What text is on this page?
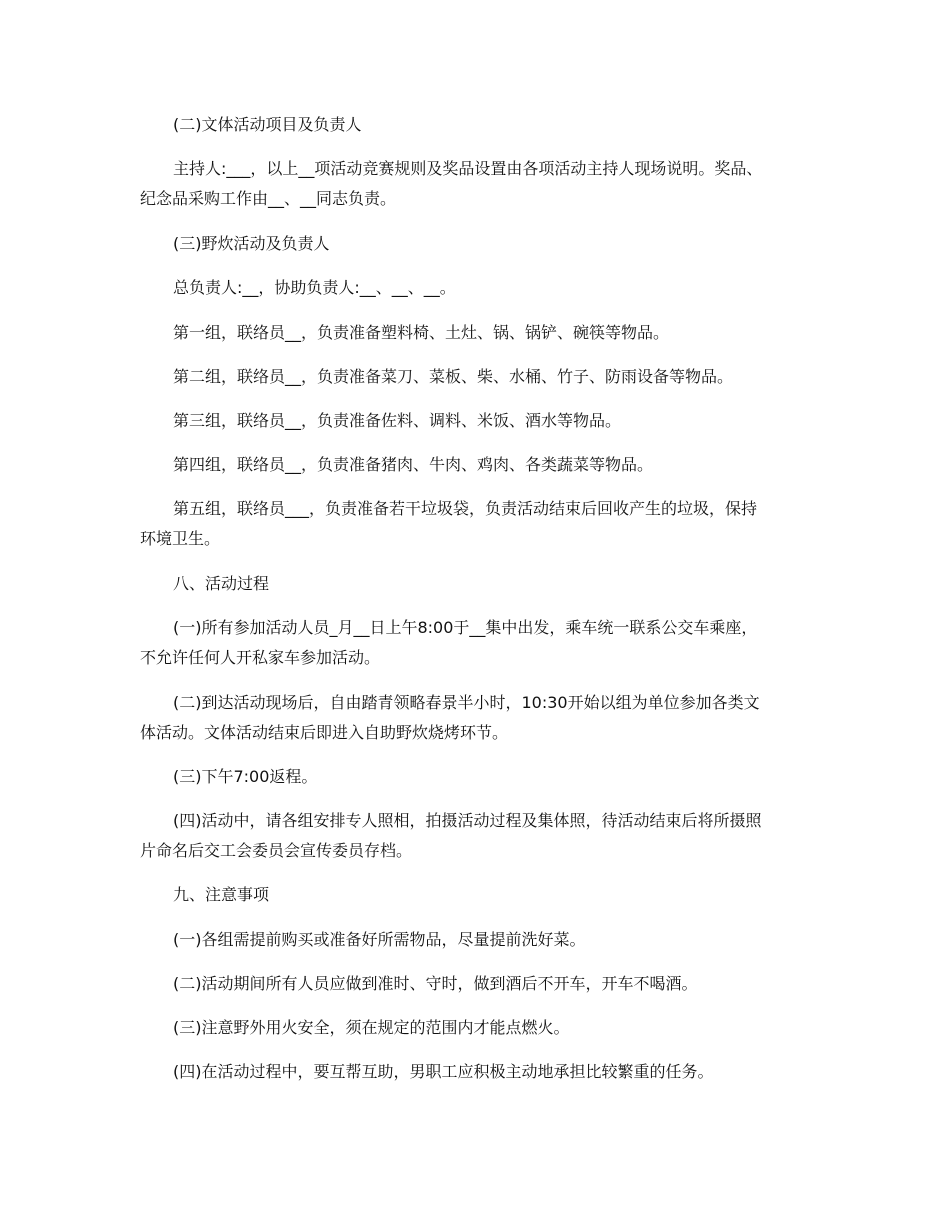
(二)文体活动项目及负责人

主持人:___，以上__项活动竞赛规则及奖品设置由各项活动主持人现场说明。奖品、
纪念品采购工作由__、__同志负责。

(三)野炊活动及负责人

总负责人:__，协助负责人:__、__、__。

第一组，联络员__，负责准备塑料椅、土灶、锅、锅铲、碗筷等物品。

第二组，联络员__，负责准备菜刀、菜板、柴、水桶、竹子、防雨设备等物品。

第三组，联络员__，负责准备佐料、调料、米饭、酒水等物品。

第四组，联络员__，负责准备猪肉、牛肉、鸡肉、各类蔬菜等物品。

第五组，联络员___，负责准备若干垃圾袋，负责活动结束后回收产生的垃圾，保持
环境卫生。

八、活动过程

(一)所有参加活动人员_月__日上午8:00于__集中出发，乘车统一联系公交车乘座，
不允许任何人开私家车参加活动。

(二)到达活动现场后，自由踏青领略春景半小时，10:30开始以组为单位参加各类文
体活动。文体活动结束后即进入自助野炊烧烤环节。

(三)下午7:00返程。

(四)活动中，请各组安排专人照相，拍摄活动过程及集体照，待活动结束后将所摄照
片命名后交工会委员会宣传委员存档。

九、注意事项

(一)各组需提前购买或准备好所需物品，尽量提前洗好菜。

(二)活动期间所有人员应做到准时、守时，做到酒后不开车，开车不喝酒。

(三)注意野外用火安全，须在规定的范围内才能点燃火。

(四)在活动过程中，要互帮互助，男职工应积极主动地承担比较繁重的任务。
